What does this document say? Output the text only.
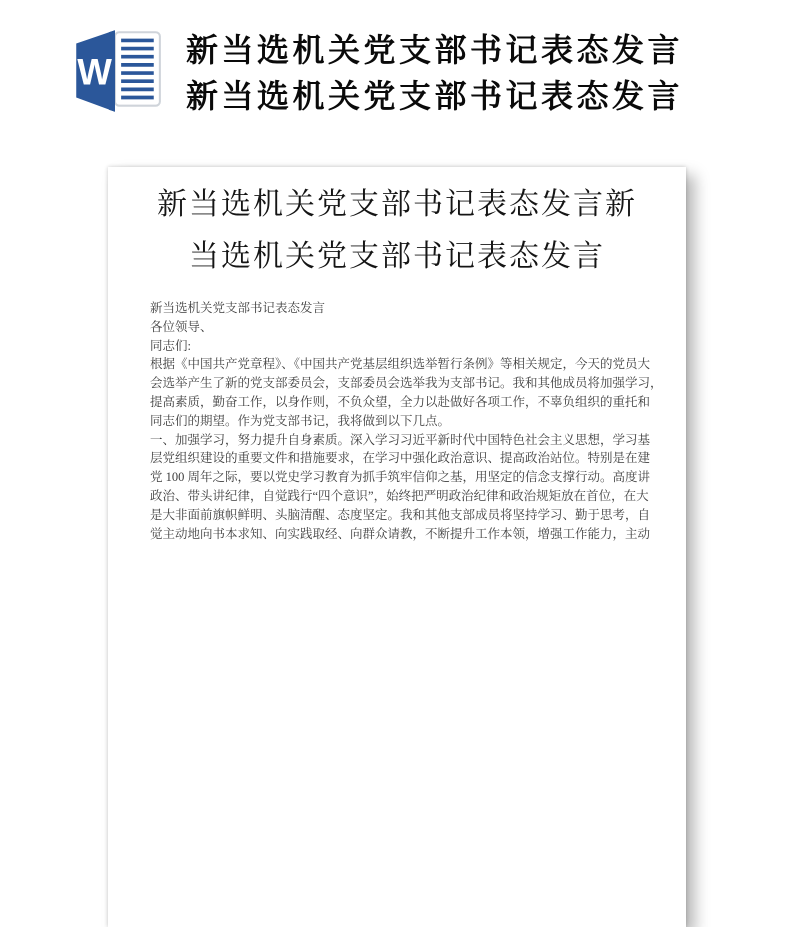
W
新当选机关党支部书记表态发言
新当选机关党支部书记表态发言
新当选机关党支部书记表态发言新
当选机关党支部书记表态发言
新当选机关党支部书记表态发言
各位领导、
同志们:
根据《中国共产党章程》、《中国共产党基层组织选举暂行条例》等相关规定，今天的党员大
会选举产生了新的党支部委员会，支部委员会选举我为支部书记。我和其他成员将加强学习，
提高素质，勤奋工作，以身作则，不负众望，全力以赴做好各项工作，不辜负组织的重托和
同志们的期望。作为党支部书记，我将做到以下几点。
一、加强学习，努力提升自身素质。深入学习习近平新时代中国特色社会主义思想，学习基
层党组织建设的重要文件和措施要求，在学习中强化政治意识、提高政治站位。特别是在建
党 100 周年之际，要以党史学习教育为抓手筑牢信仰之基，用坚定的信念支撑行动。高度讲
政治、带头讲纪律，自觉践行“四个意识”，始终把严明政治纪律和政治规矩放在首位，在大
是大非面前旗帜鲜明、头脑清醒、态度坚定。我和其他支部成员将坚持学习、勤于思考，自
觉主动地向书本求知、向实践取经、向群众请教，不断提升工作本领，增强工作能力，主动
